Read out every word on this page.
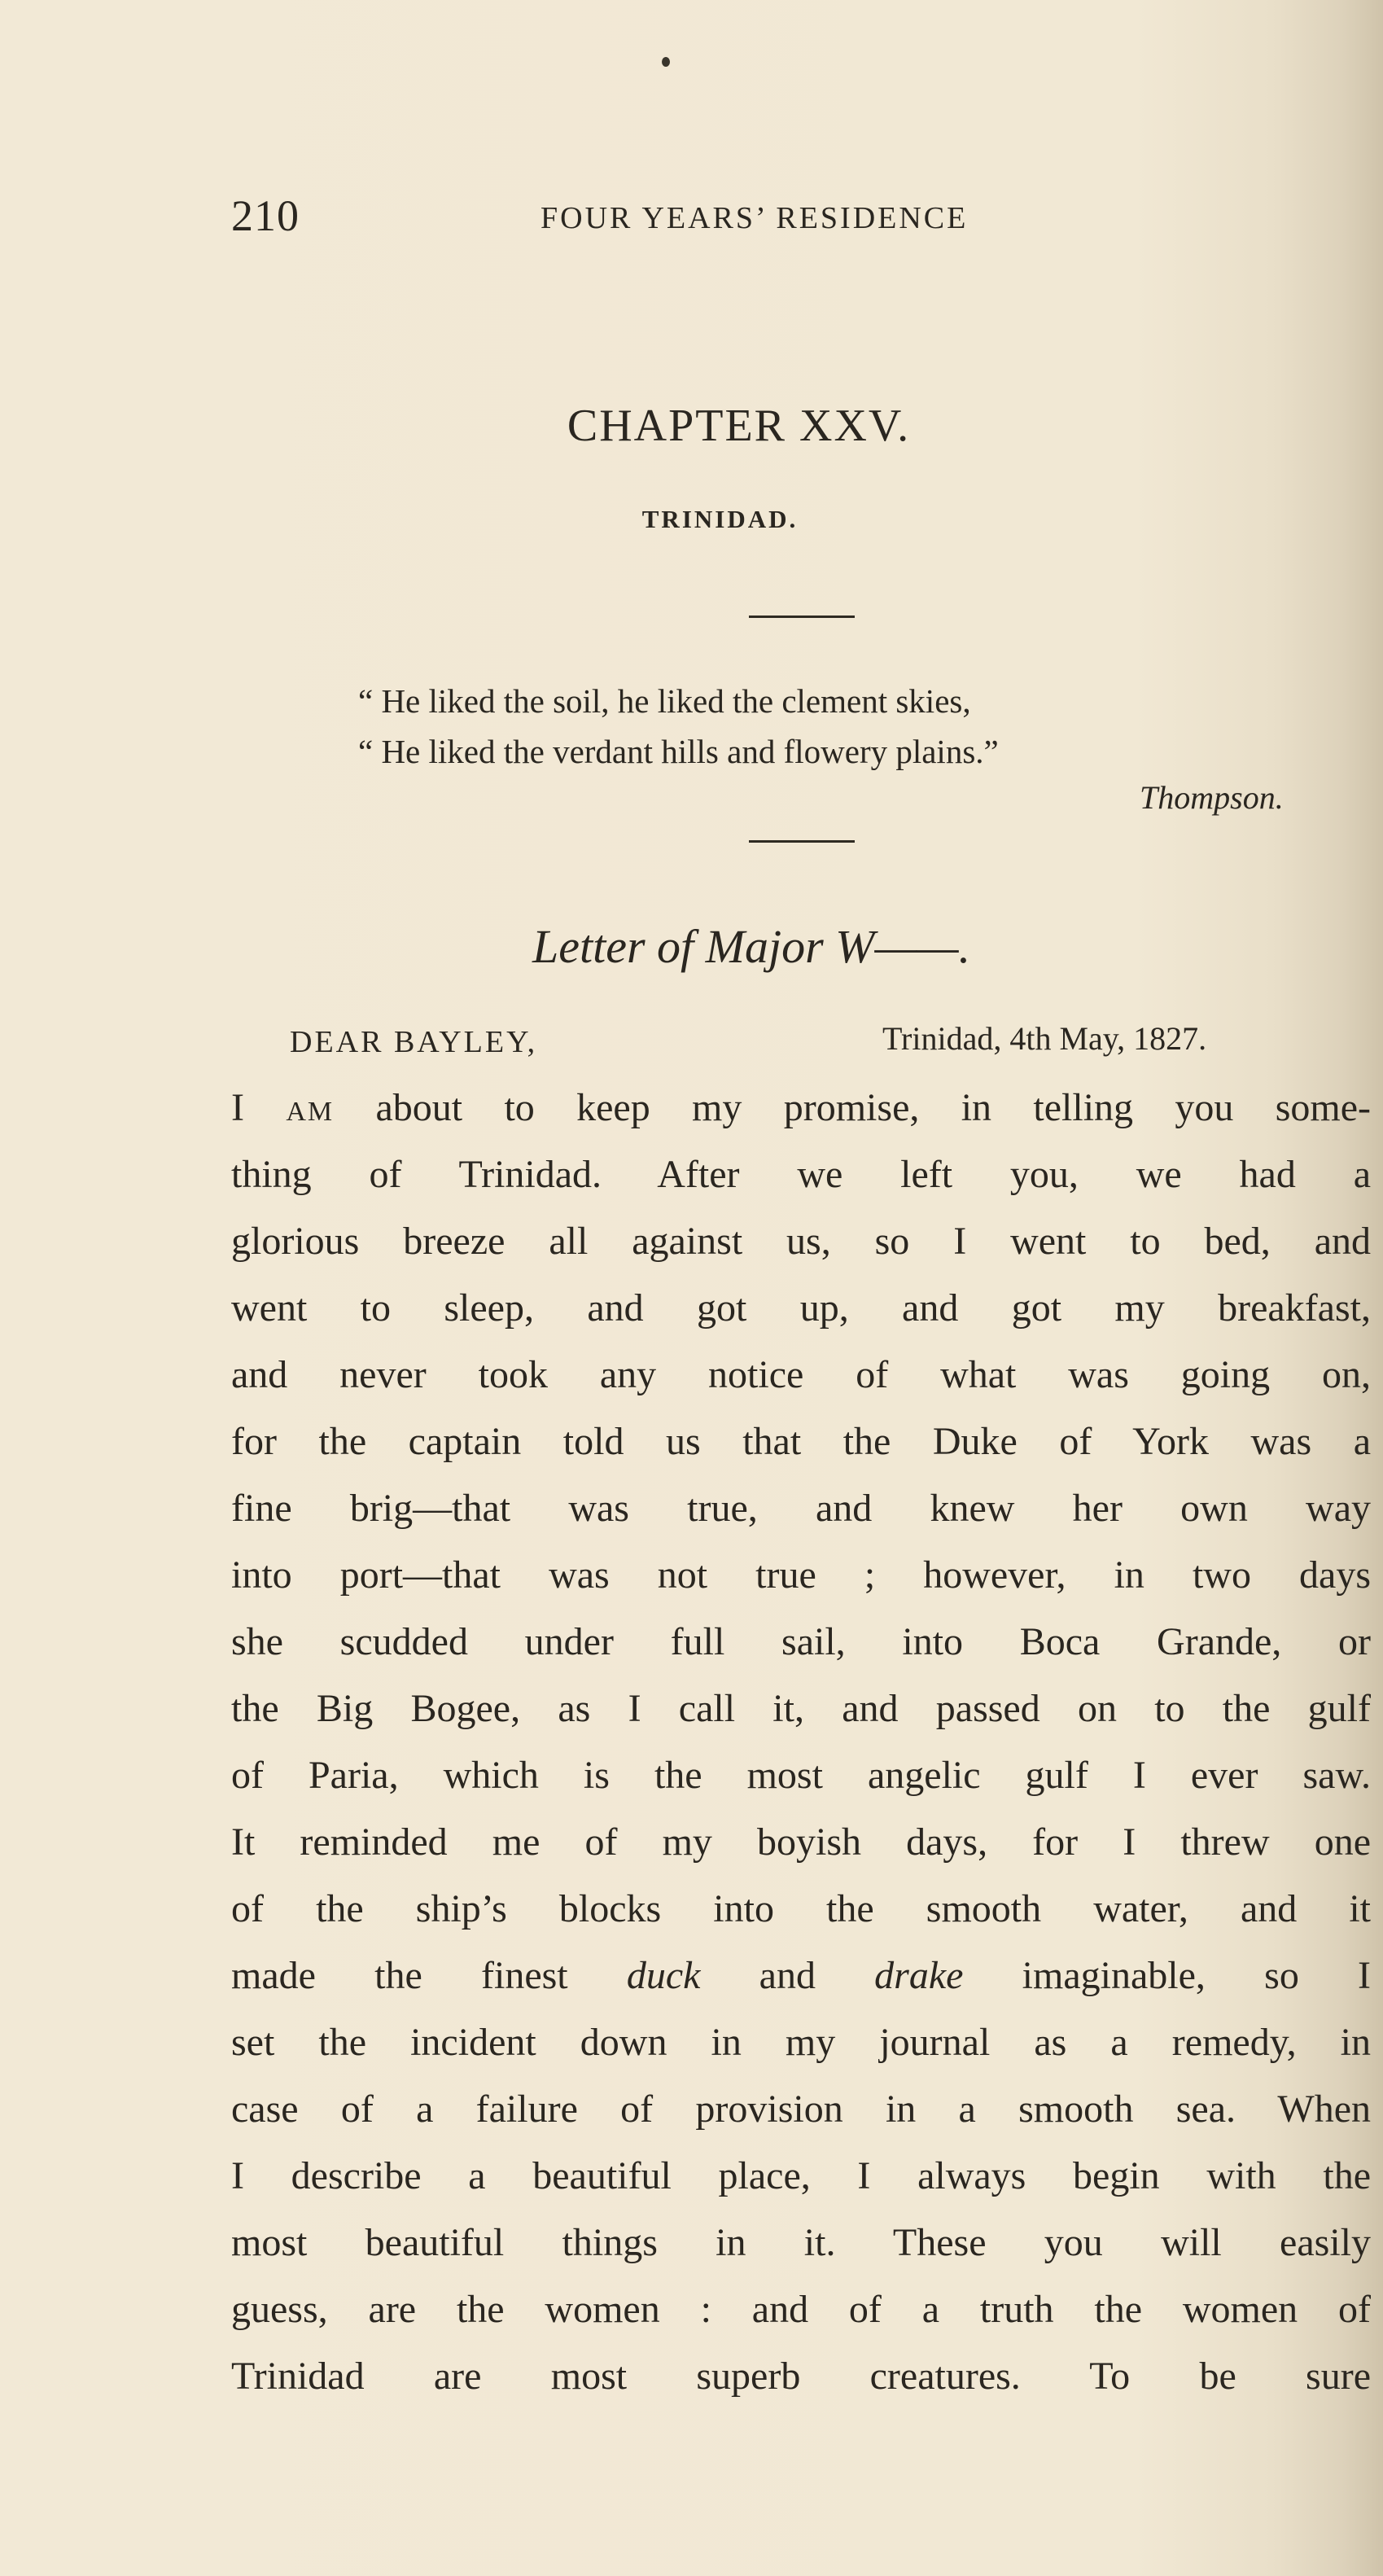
210	FOUR YEARS’ RESIDENCE
CHAPTER XXV.
TRINIDAD.
“ He liked the soil, he liked the clement skies,
“ He liked the verdant hills and flowery plains.”
Thompson.
Letter of Major W——.
DEAR BAYLEY,	Trinidad, 4th May, 1827.
I am about to keep my promise, in telling you some-
thing of Trinidad. After we left you, we had a
glorious breeze all against us, so I went to bed, and
went to sleep, and got up, and got my breakfast,
and never took any notice of what was going on,
for the captain told us that the Duke of York was a
fine brig—that was true, and knew her own way
into port—that was not true ; however, in two days
she scudded under full sail, into Boca Grande, or
the Big Bogee, as I call it, and passed on to the gulf
of Paria, which is the most angelic gulf I ever saw.
It reminded me of my boyish days, for I threw one
of the ship’s blocks into the smooth water, and it
made the finest duck and drake imaginable, so I
set the incident down in my journal as a remedy, in
case of a failure of provision in a smooth sea. When
I describe a beautiful place, I always begin with the
most beautiful things in it. These you will easily
guess, are the women : and of a truth the women of
Trinidad are most superb creatures. To be sure
